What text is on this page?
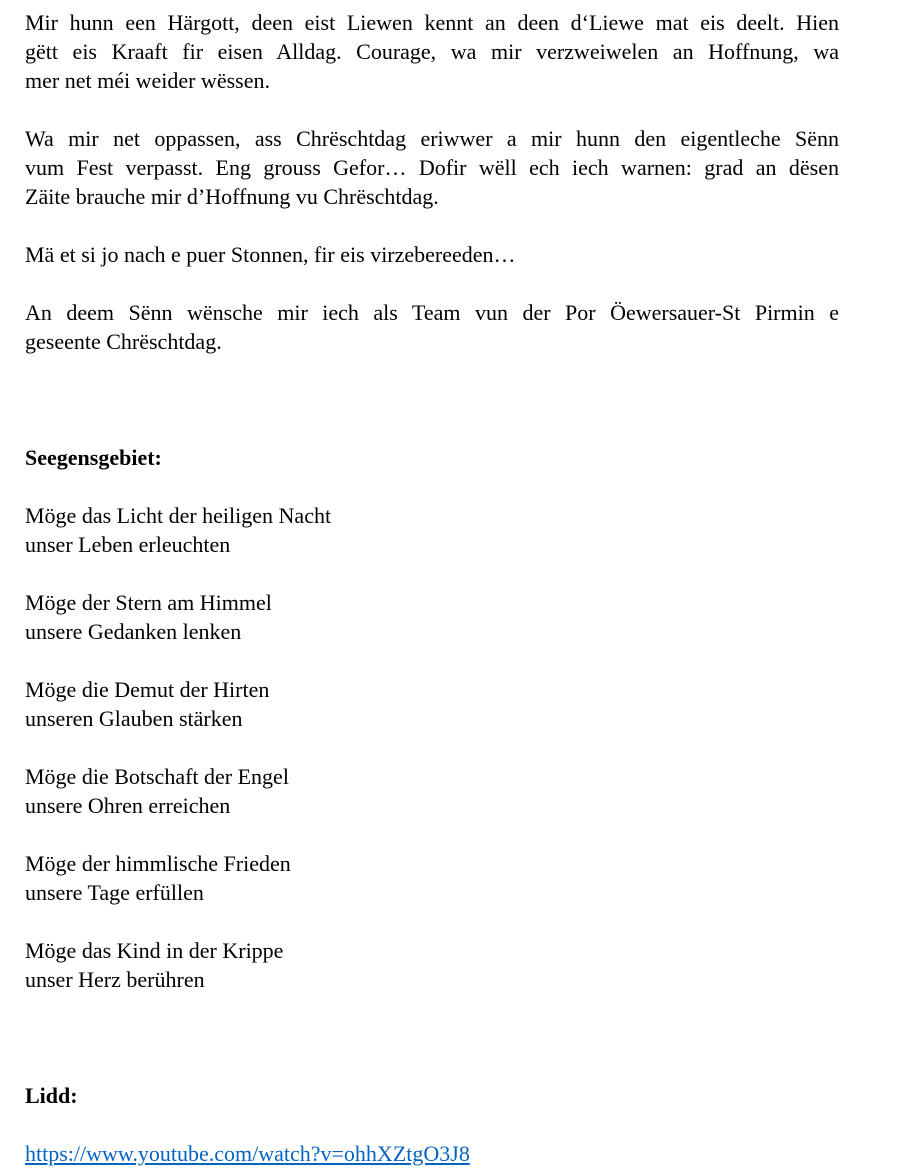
Mir hunn een Härgott, deen eist Liewen kennt an deen d‘Liewe mat eis deelt. Hien
gëtt eis Kraaft fir eisen Alldag. Courage, wa mir verzweiwelen an Hoffnung, wa
mer net méi weider wëssen.

Wa mir net oppassen, ass Chrëschtdag eriwwer a mir hunn den eigentleche Sënn
vum Fest verpasst. Eng grouss Gefor… Dofir wëll ech iech warnen: grad an dësen
Zäite brauche mir d’Hoffnung vu Chrëschtdag.

Mä et si jo nach e puer Stonnen, fir eis virzebereeden…

An deem Sënn wënsche mir iech als Team vun der Por Öewersauer-St Pirmin e
geseente Chrëschtdag.

Seegensgebiet:

Möge das Licht der heiligen Nacht
unser Leben erleuchten
Möge der Stern am Himmel
unsere Gedanken lenken
Möge die Demut der Hirten
unseren Glauben stärken
Möge die Botschaft der Engel
unsere Ohren erreichen
Möge der himmlische Frieden
unsere Tage erfüllen
Möge das Kind in der Krippe
unser Herz berühren

Lidd:

https://www.youtube.com/watch?v=ohhXZtgO3J8
